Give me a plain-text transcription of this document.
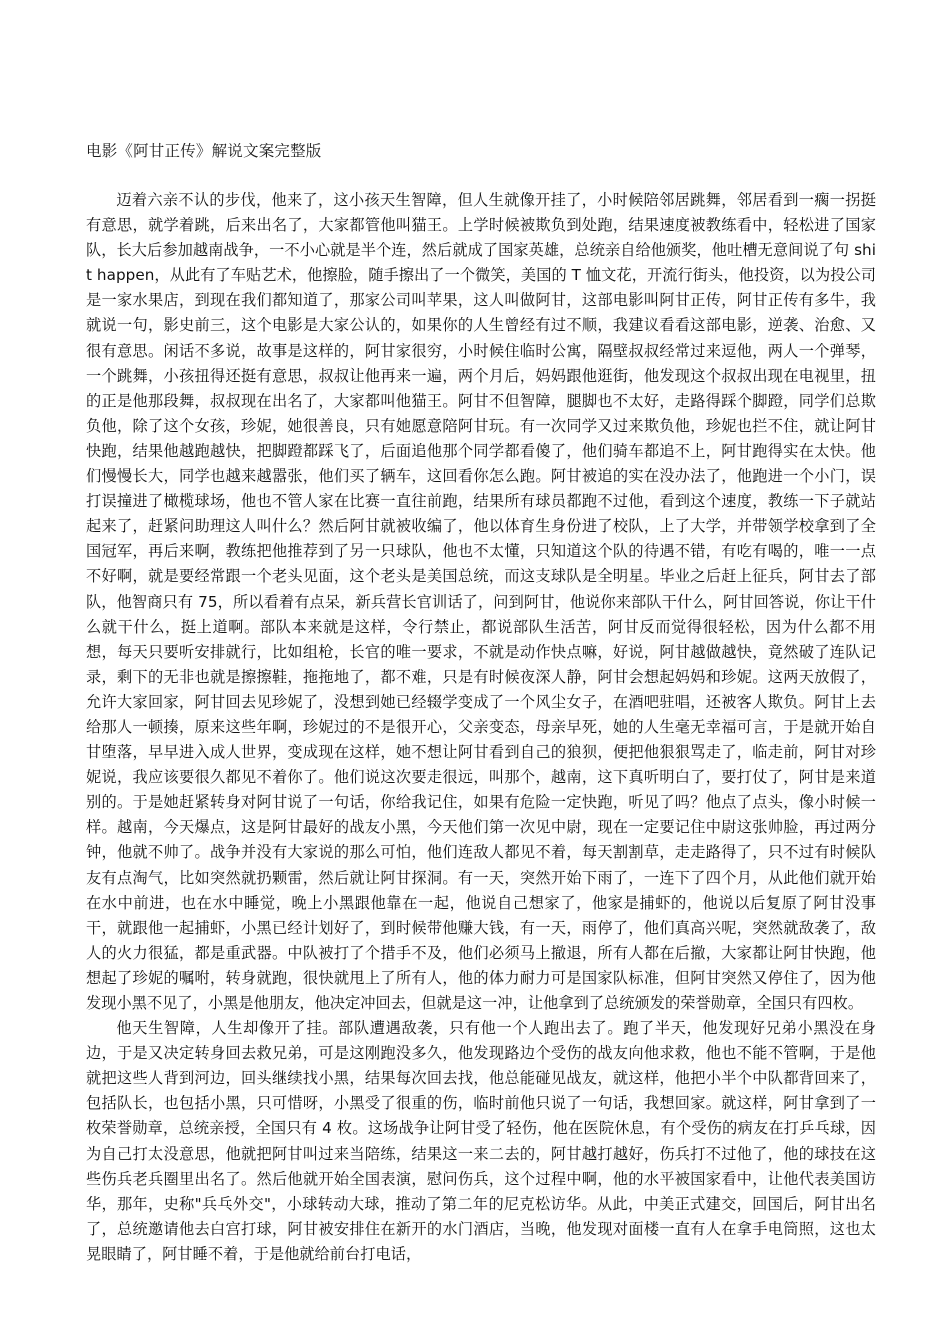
电影《阿甘正传》解说文案完整版

迈着六亲不认的步伐，他来了，这小孩天生智障，但人生就像开挂了，小时候陪邻居跳舞，邻居看到一瘸一拐挺有意思，就学着跳，后来出名了，大家都管他叫猫王。上学时候被欺负到处跑，结果速度被教练看中，轻松进了国家队，长大后参加越南战争，一不小心就是半个连，然后就成了国家英雄，总统亲自给他颁奖，他吐槽无意间说了句 shit happen，从此有了车贴艺术，他擦脸，随手擦出了一个微笑，美国的 T 恤文花，开流行街头，他投资，以为投公司是一家水果店，到现在我们都知道了，那家公司叫苹果，这人叫做阿甘，这部电影叫阿甘正传，阿甘正传有多牛，我就说一句，影史前三，这个电影是大家公认的，如果你的人生曾经有过不顺，我建议看看这部电影，逆袭、治愈、又很有意思。闲话不多说，故事是这样的，阿甘家很穷，小时候住临时公寓，隔壁叔叔经常过来逗他，两人一个弹琴，一个跳舞，小孩扭得还挺有意思，叔叔让他再来一遍，两个月后，妈妈跟他逛街，他发现这个叔叔出现在电视里，扭的正是他那段舞，叔叔现在出名了，大家都叫他猫王。阿甘不但智障，腿脚也不太好，走路得踩个脚蹬，同学们总欺负他，除了这个女孩，珍妮，她很善良，只有她愿意陪阿甘玩。有一次同学又过来欺负他，珍妮也拦不住，就让阿甘快跑，结果他越跑越快，把脚蹬都踩飞了，后面追他那个同学都看傻了，他们骑车都追不上，阿甘跑得实在太快。他们慢慢长大，同学也越来越嚣张，他们买了辆车，这回看你怎么跑。阿甘被追的实在没办法了，他跑进一个小门，误打误撞进了橄榄球场，他也不管人家在比赛一直往前跑，结果所有球员都跑不过他，看到这个速度，教练一下子就站起来了，赶紧问助理这人叫什么？然后阿甘就被收编了，他以体育生身份进了校队，上了大学，并带领学校拿到了全国冠军，再后来啊，教练把他推荐到了另一只球队，他也不太懂，只知道这个队的待遇不错，有吃有喝的，唯一一点不好啊，就是要经常跟一个老头见面，这个老头是美国总统，而这支球队是全明星。毕业之后赶上征兵，阿甘去了部队，他智商只有 75，所以看着有点呆，新兵营长官训话了，问到阿甘，他说你来部队干什么，阿甘回答说，你让干什么就干什么，挺上道啊。部队本来就是这样，令行禁止，都说部队生活苦，阿甘反而觉得很轻松，因为什么都不用想，每天只要听安排就行，比如组枪，长官的唯一要求，不就是动作快点嘛，好说，阿甘越做越快，竟然破了连队记录，剩下的无非也就是擦擦鞋，拖拖地了，都不难，只是有时候夜深人静，阿甘会想起妈妈和珍妮。这两天放假了，允许大家回家，阿甘回去见珍妮了，没想到她已经辍学变成了一个风尘女子，在酒吧驻唱，还被客人欺负。阿甘上去给那人一顿揍，原来这些年啊，珍妮过的不是很开心，父亲变态，母亲早死，她的人生毫无幸福可言，于是就开始自甘堕落，早早进入成人世界，变成现在这样，她不想让阿甘看到自己的狼狈，便把他狠狠骂走了，临走前，阿甘对珍妮说，我应该要很久都见不着你了。他们说这次要走很远，叫那个，越南，这下真听明白了，要打仗了，阿甘是来道别的。于是她赶紧转身对阿甘说了一句话，你给我记住，如果有危险一定快跑，听见了吗？他点了点头，像小时候一样。越南，今天爆点，这是阿甘最好的战友小黑，今天他们第一次见中尉，现在一定要记住中尉这张帅脸，再过两分钟，他就不帅了。战争并没有大家说的那么可怕，他们连敌人都见不着，每天割割草，走走路得了，只不过有时候队友有点淘气，比如突然就扔颗雷，然后就让阿甘探洞。有一天，突然开始下雨了，一连下了四个月，从此他们就开始在水中前进，也在水中睡觉，晚上小黑跟他靠在一起，他说自己想家了，他家是捕虾的，他说以后复原了阿甘没事干，就跟他一起捕虾，小黑已经计划好了，到时候带他赚大钱，有一天，雨停了，他们真高兴呢，突然就敌袭了，敌人的火力很猛，都是重武器。中队被打了个措手不及，他们必须马上撤退，所有人都在后撤，大家都让阿甘快跑，他想起了珍妮的嘱咐，转身就跑，很快就甩上了所有人，他的体力耐力可是国家队标准，但阿甘突然又停住了，因为他发现小黑不见了，小黑是他朋友，他决定冲回去，但就是这一冲，让他拿到了总统颁发的荣誉勋章，全国只有四枚。

他天生智障，人生却像开了挂。部队遭遇敌袭，只有他一个人跑出去了。跑了半天，他发现好兄弟小黑没在身边，于是又决定转身回去救兄弟，可是这刚跑没多久，他发现路边个受伤的战友向他求救，他也不能不管啊，于是他就把这些人背到河边，回头继续找小黑，结果每次回去找，他总能碰见战友，就这样，他把小半个中队都背回来了，包括队长，也包括小黑，只可惜呀，小黑受了很重的伤，临时前他只说了一句话，我想回家。就这样，阿甘拿到了一枚荣誉勋章，总统亲授，全国只有 4 枚。这场战争让阿甘受了轻伤，他在医院休息，有个受伤的病友在打乒乓球，因为自己打太没意思，他就把阿甘叫过来当陪练，结果这一来二去的，阿甘越打越好，伤兵打不过他了，他的球技在这些伤兵老兵圈里出名了。然后他就开始全国表演，慰问伤兵，这个过程中啊，他的水平被国家看中，让他代表美国访华，那年，史称"兵乓外交"，小球转动大球，推动了第二年的尼克松访华。从此，中美正式建交，回国后，阿甘出名了，总统邀请他去白宫打球，阿甘被安排住在新开的水门酒店，当晚，他发现对面楼一直有人在拿手电筒照，这也太晃眼睛了，阿甘睡不着，于是他就给前台打电话，
